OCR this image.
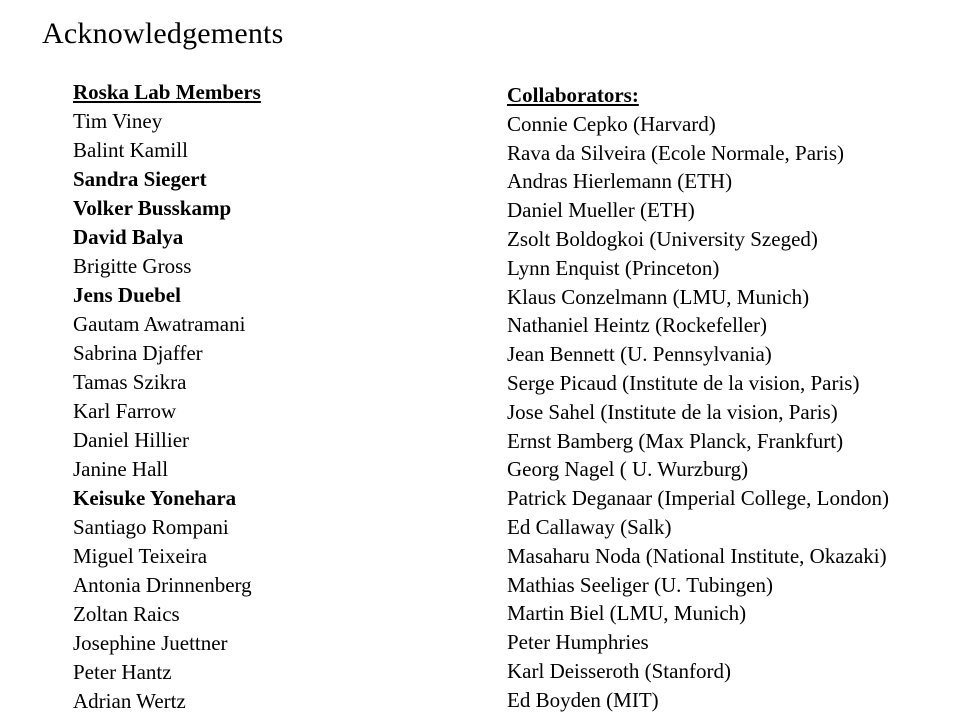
Acknowledgements
Roska Lab Members
Tim Viney
Balint Kamill
Sandra Siegert
Volker Busskamp
David Balya
Brigitte Gross
Jens Duebel
Gautam Awatramani
Sabrina Djaffer
Tamas Szikra
Karl Farrow
Daniel Hillier
Janine Hall
Keisuke Yonehara
Santiago Rompani
Miguel Teixeira
Antonia Drinnenberg
Zoltan Raics
Josephine Juettner
Peter Hantz
Adrian Wertz
Collaborators:
Connie Cepko (Harvard)
Rava da Silveira (Ecole Normale, Paris)
Andras Hierlemann (ETH)
Daniel Mueller (ETH)
Zsolt Boldogkoi (University Szeged)
Lynn Enquist (Princeton)
Klaus Conzelmann (LMU, Munich)
Nathaniel Heintz (Rockefeller)
Jean Bennett (U. Pennsylvania)
Serge Picaud (Institute de la vision, Paris)
Jose Sahel (Institute de la vision, Paris)
Ernst Bamberg (Max Planck, Frankfurt)
Georg Nagel ( U. Wurzburg)
Patrick Deganaar (Imperial College, London)
Ed Callaway (Salk)
Masaharu Noda (National Institute, Okazaki)
Mathias Seeliger (U. Tubingen)
Martin Biel (LMU, Munich)
Peter Humphries
Karl Deisseroth (Stanford)
Ed Boyden (MIT)
